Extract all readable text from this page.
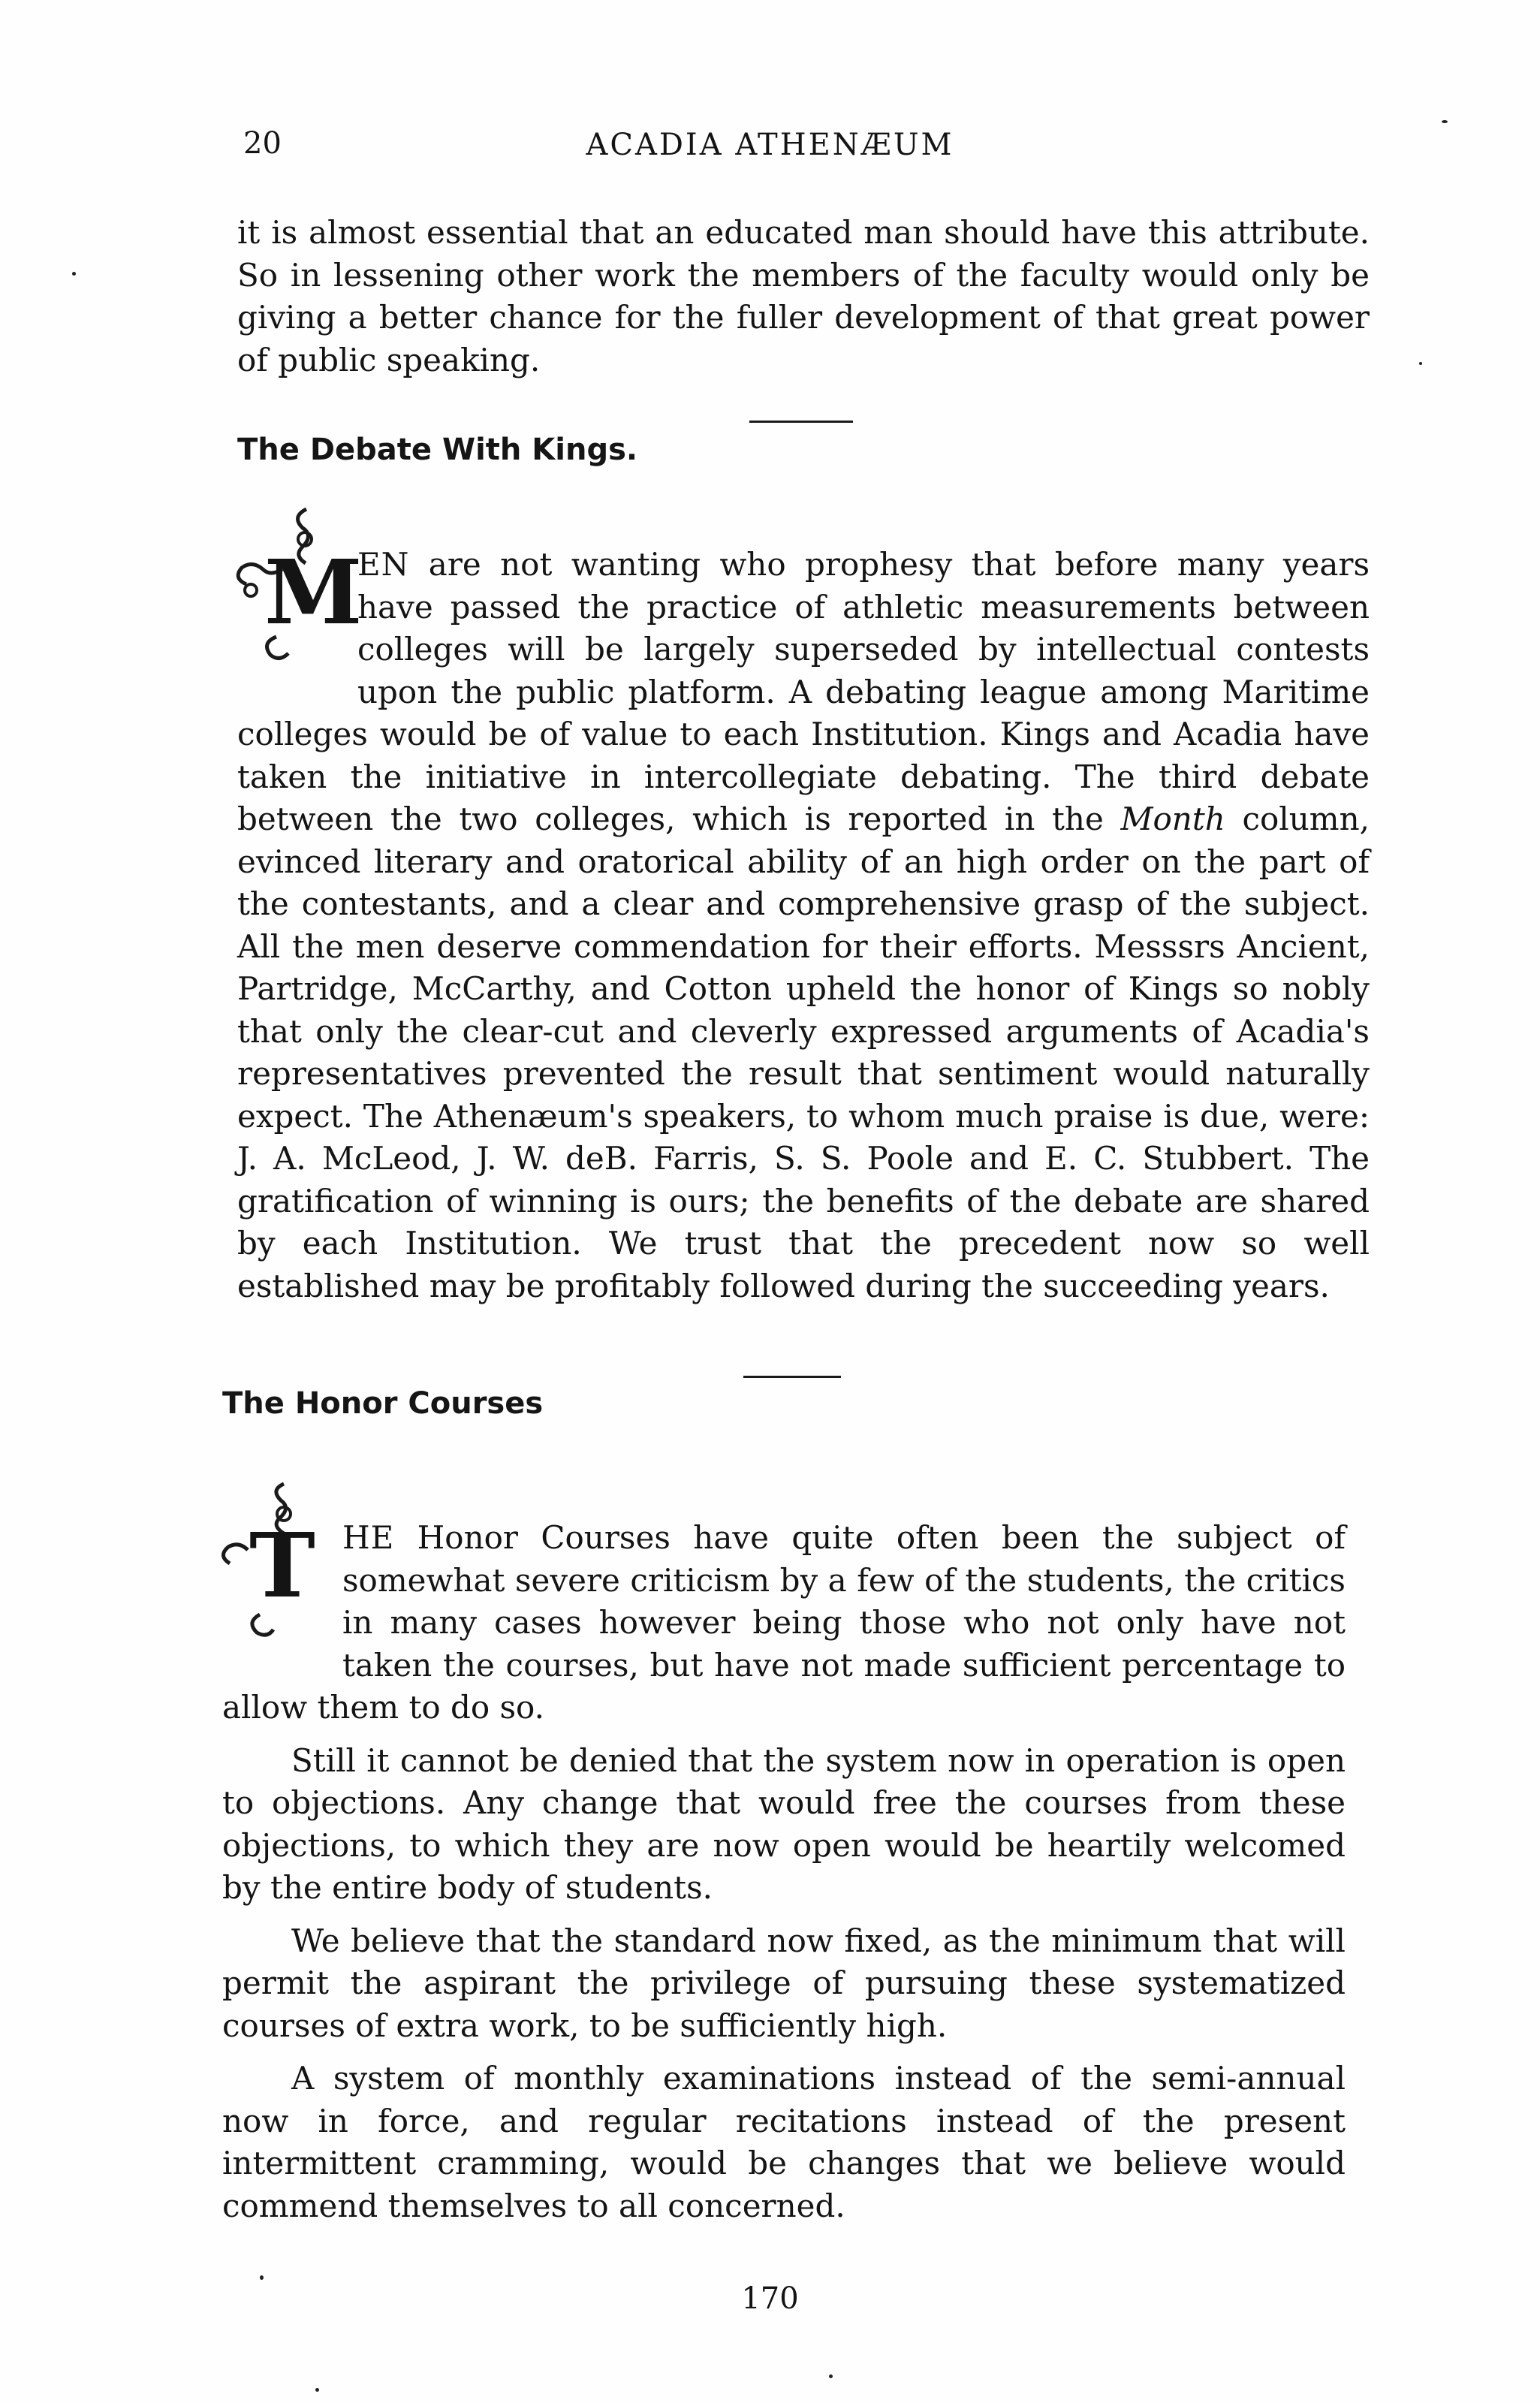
20	ACADIA ATHENÆUM

it is almost essential that an educated man should have this attribute. So in lessening other work the members of the faculty would only be giving a better chance for the fuller development of that great power of public speaking.

The Debate With Kings.

M
EN are not wanting who prophesy that before many years have passed the practice of athletic measurements between colleges will be largely superseded by intellectual contests upon the public platform. A debating league among Maritime colleges would be of value to each Institution. Kings and Acadia have taken the initiative in intercollegiate debating. The third debate between the two colleges, which is reported in the Month column, evinced literary and oratorical ability of an high order on the part of the contestants, and a clear and comprehensive grasp of the subject. All the men deserve commendation for their efforts. Messsrs Ancient, Partridge, McCarthy, and Cotton upheld the honor of Kings so nobly that only the clear-cut and cleverly expressed arguments of Acadia's representatives prevented the result that sentiment would naturally expect. The Athenæum's speakers, to whom much praise is due, were: J. A. McLeod, J. W. deB. Farris, S. S. Poole and E. C. Stubbert. The gratification of winning is ours; the benefits of the debate are shared by each Institution. We trust that the precedent now so well established may be profitably followed during the succeeding years.

The Honor Courses

T HE Honor Courses have quite often been the subject of somewhat severe criticism by a few of the students, the critics in many cases however being those who not only have not taken the courses, but have not made sufficient percentage to allow them to do so.

Still it cannot be denied that the system now in operation is open to objections. Any change that would free the courses from these objections, to which they are now open would be heartily welcomed by the entire body of students.

We believe that the standard now fixed, as the minimum that will permit the aspirant the privilege of pursuing these systematized courses of extra work, to be sufficiently high.

A system of monthly examinations instead of the semi-annual now in force, and regular recitations instead of the present intermittent cramming, would be changes that we believe would commend themselves to all concerned.

170
